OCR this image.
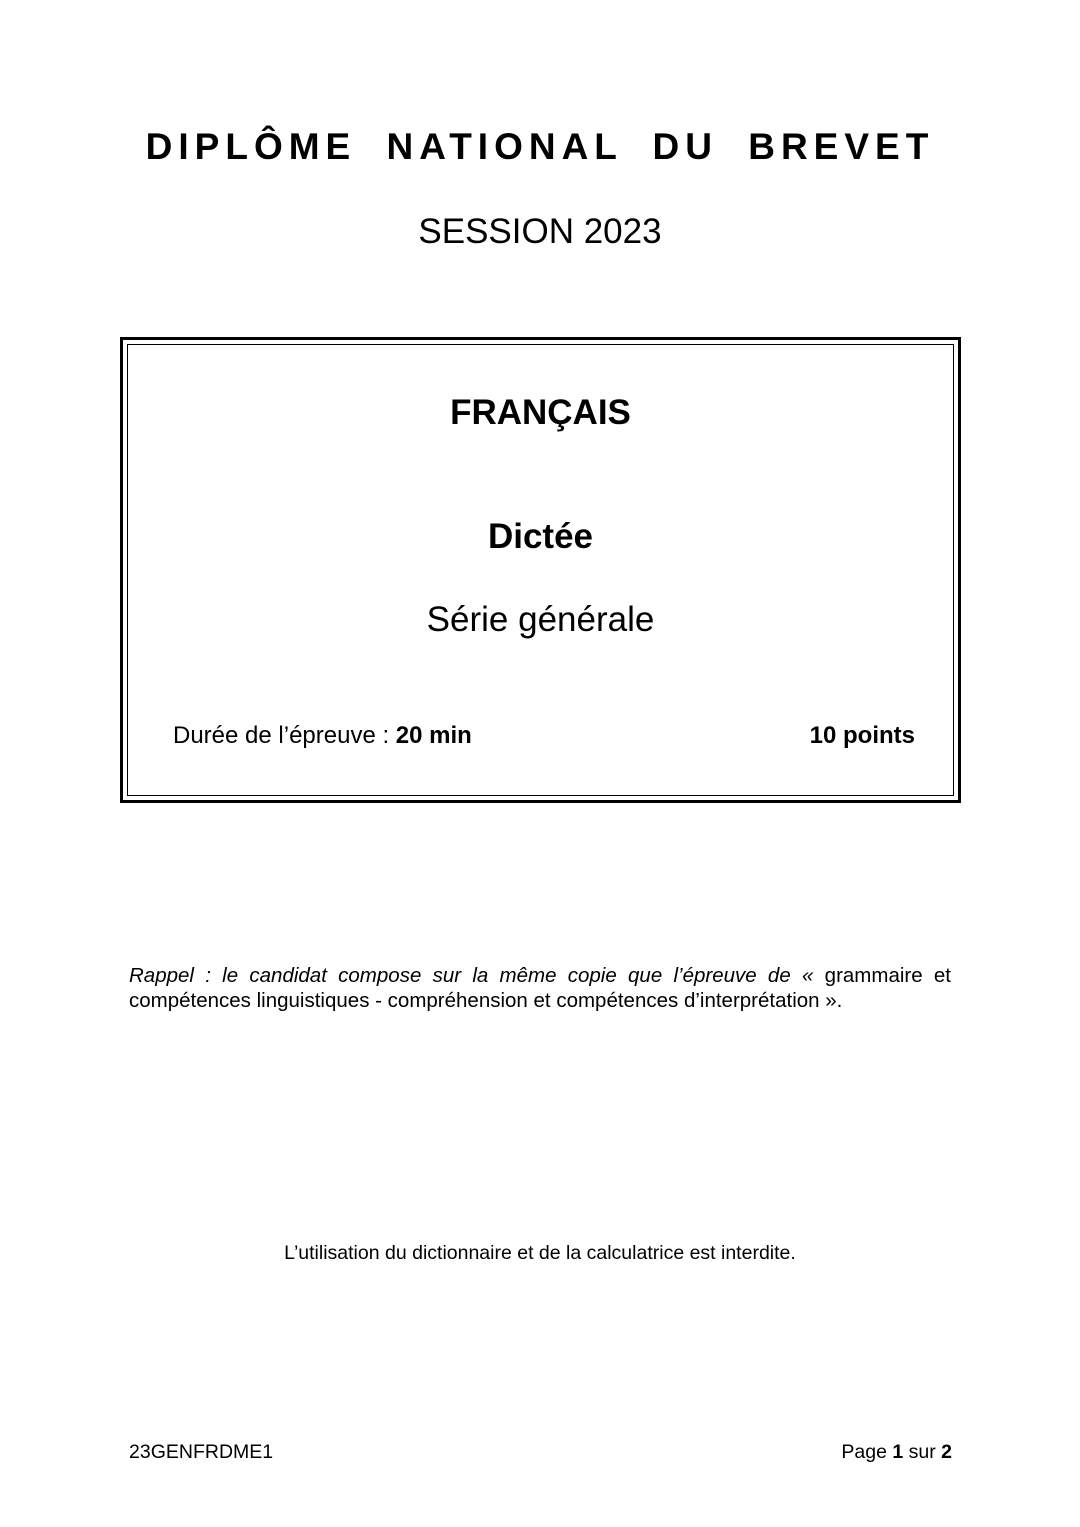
DIPLÔME NATIONAL DU BREVET

SESSION 2023

FRANÇAIS
Dictée
Série générale
Durée de l’épreuve : 20 min	10 points

Rappel : le candidat compose sur la même copie que l’épreuve de « grammaire et compétences linguistiques - compréhension et compétences d’interprétation ».

L’utilisation du dictionnaire et de la calculatrice est interdite.

23GENFRDME1	Page 1 sur 2
